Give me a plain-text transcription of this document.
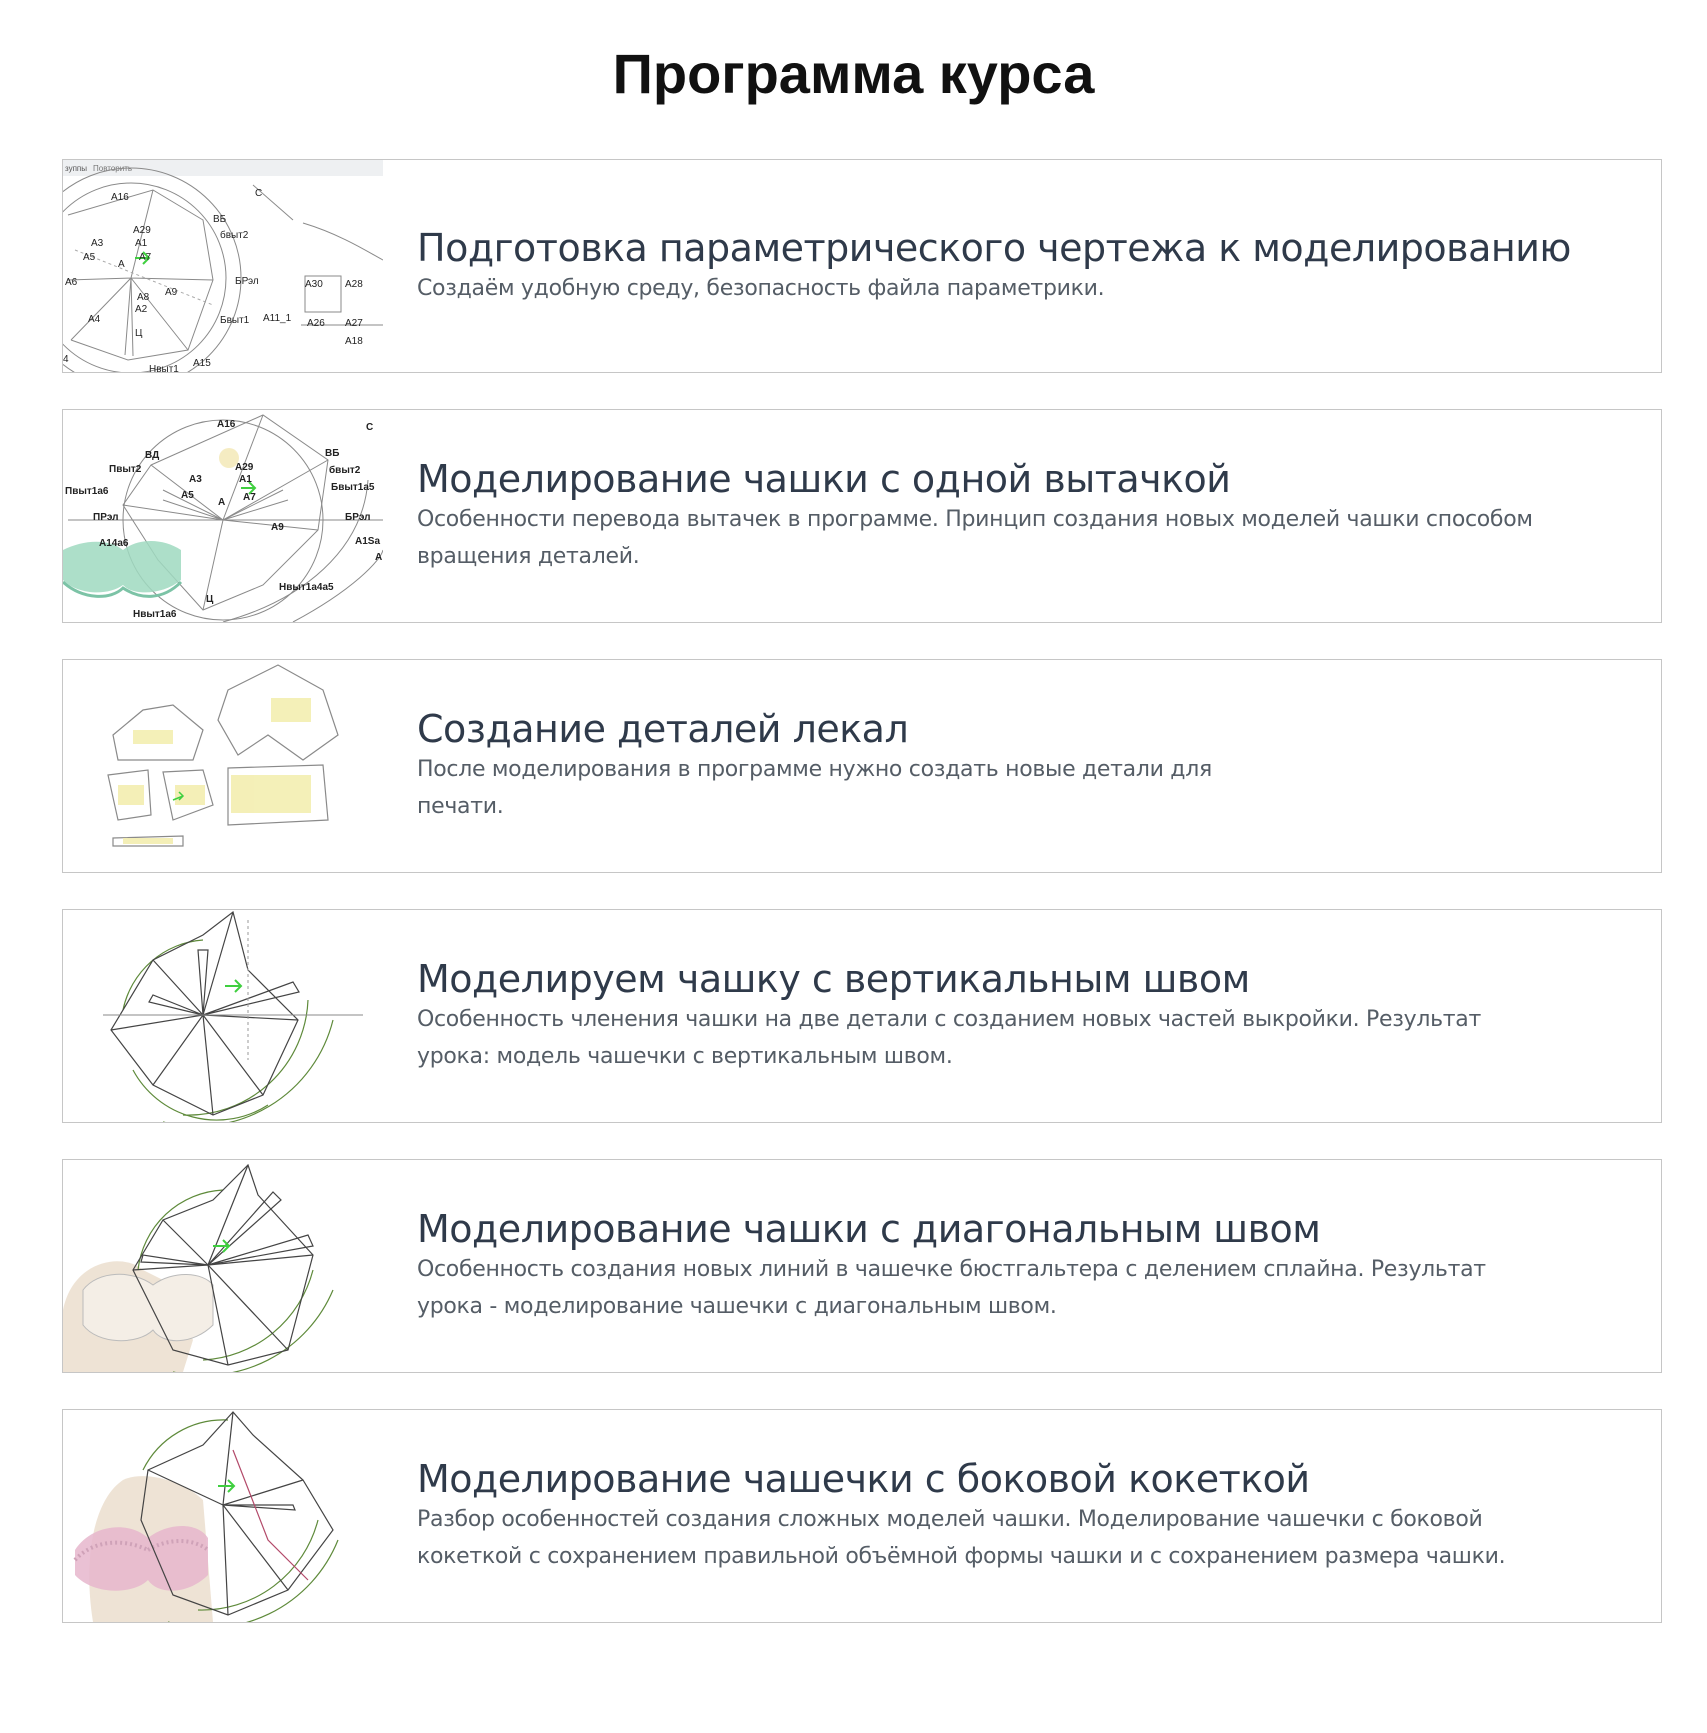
Программа курса
зуппы Повторить
A16	C
ВБ
бвыт2
A29
A3	A1
A7
A5
A
A6	БРэл	A30 A28
A8
A2
A9
A4
Ц
Бвыт1 A11_1 A26 A27
A18
A15
Нвыт1
4

Подготовка параметрического чертежа к моделированию

Создаём удобную среду, безопасность файла параметрики.

A16	C
ВД
Пвыт2
ВБ
A29	бвыт2
A3	A1
Бвыт1а5
Пвыт1а6	A5	A7
A
ПРэл	БРэл
A9
A14а6	A1Sa
A
Ц
Нвыт1а4а5
Нвыт1а6

Моделирование чашки с одной вытачкой

Особенности перевода вытачек в программе. Принцип создания новых моделей чашки способом вращения деталей.

Создание деталей лекал

После моделирования в программе нужно создать новые детали для печати.

Моделируем чашку с вертикальным швом

Особенность членения чашки на две детали с созданием новых частей выкройки. Результат урока: модель чашечки с вертикальным швом.

Моделирование чашки с диагональным швом

Особенность создания новых линий в чашечке бюстгальтера с делением сплайна. Результат урока - моделирование чашечки с диагональным швом.

Моделирование чашечки с боковой кокеткой

Разбор особенностей создания сложных моделей чашки. Моделирование чашечки с боковой кокеткой с сохранением правильной объёмной формы чашки и с сохранением размера чашки.
